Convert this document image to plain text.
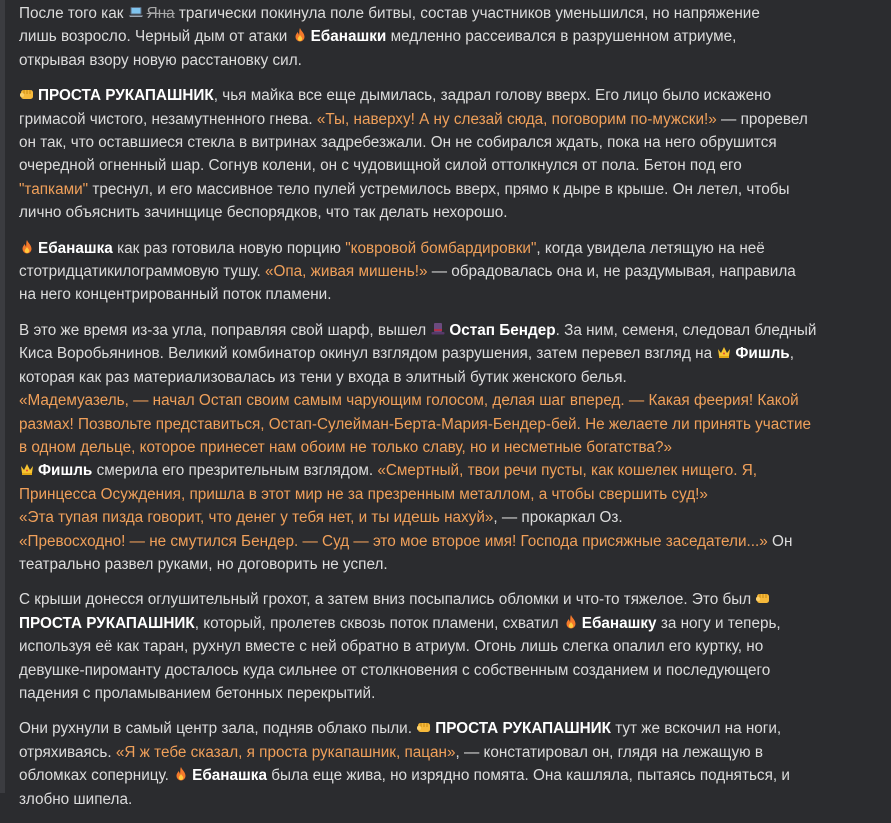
После того как Яна трагически покинула поле битвы, состав участников уменьшился, но напряжение
лишь возросло. Черный дым от атаки Ебанашки медленно рассеивался в разрушенном атриуме,
открывая взору новую расстановку сил.
ПРОСТА РУКАПАШНИК, чья майка все еще дымилась, задрал голову вверх. Его лицо было искажено
гримасой чистого, незамутненного гнева. «Ты, наверху! А ну слезай сюда, поговорим по-мужски!» — проревел
он так, что оставшиеся стекла в витринах задребезжали. Он не собирался ждать, пока на него обрушится
очередной огненный шар. Согнув колени, он с чудовищной силой оттолкнулся от пола. Бетон под его
"тапками" треснул, и его массивное тело пулей устремилось вверх, прямо к дыре в крыше. Он летел, чтобы
лично объяснить зачинщице беспорядков, что так делать нехорошо.
Ебанашка как раз готовила новую порцию "ковровой бомбардировки", когда увидела летящую на неё
стотридцатикилограммовую тушу. «Опа, живая мишень!» — обрадовалась она и, не раздумывая, направила
на него концентрированный поток пламени.
В это же время из-за угла, поправляя свой шарф, вышел Остап Бендер. За ним, семеня, следовал бледный
Киса Воробьянинов. Великий комбинатор окинул взглядом разрушения, затем перевел взгляд на Фишль,
которая как раз материализовалась из тени у входа в элитный бутик женского белья.
«Мадемуазель, — начал Остап своим самым чарующим голосом, делая шаг вперед. — Какая феерия! Какой
размах! Позвольте представиться, Остап-Сулейман-Берта-Мария-Бендер-бей. Не желаете ли принять участие
в одном дельце, которое принесет нам обоим не только славу, но и несметные богатства?»
Фишль смерила его презрительным взглядом. «Смертный, твои речи пусты, как кошелек нищего. Я,
Принцесса Осуждения, пришла в этот мир не за презренным металлом, а чтобы свершить суд!»
«Эта тупая пизда говорит, что денег у тебя нет, и ты идешь нахуй», — прокаркал Оз.
«Превосходно! — не смутился Бендер. — Суд — это мое второе имя! Господа присяжные заседатели...» Он
театрально развел руками, но договорить не успел.
С крыши донесся оглушительный грохот, а затем вниз посыпались обломки и что-то тяжелое. Это был
ПРОСТА РУКАПАШНИК, который, пролетев сквозь поток пламени, схватил Ебанашку за ногу и теперь,
используя её как таран, рухнул вместе с ней обратно в атриум. Огонь лишь слегка опалил его куртку, но
девушке-пироманту досталось куда сильнее от столкновения с собственным созданием и последующего
падения с проламыванием бетонных перекрытий.
Они рухнули в самый центр зала, подняв облако пыли. ПРОСТА РУКАПАШНИК тут же вскочил на ноги,
отряхиваясь. «Я ж тебе сказал, я проста рукапашник, пацан», — констатировал он, глядя на лежащую в
обломках соперницу. Ебанашка была еще жива, но изрядно помята. Она кашляла, пытаясь подняться, и
злобно шипела.
